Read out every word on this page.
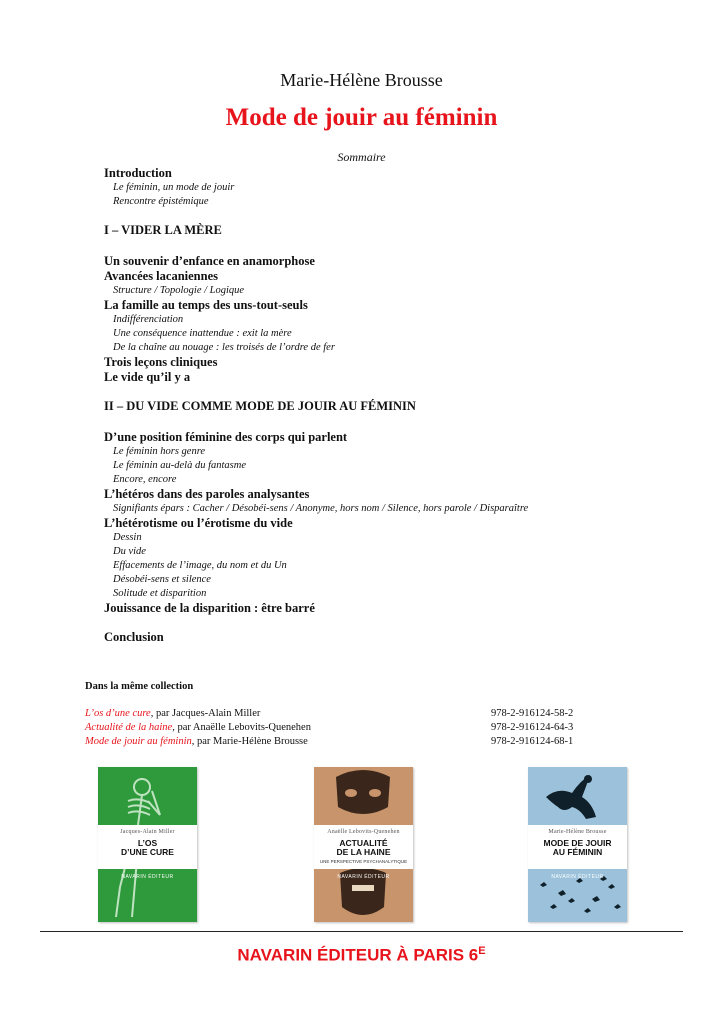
Marie-Hélène Brousse
Mode de jouir au féminin
Sommaire
Introduction
Le féminin, un mode de jouir
Rencontre épistémique
I – VIDER LA MÈRE
Un souvenir d’enfance en anamorphose
Avancées lacaniennes
Structure / Topologie / Logique
La famille au temps des uns-tout-seuls
Indifférenciation
Une conséquence inattendue : exit la mère
De la chaîne au nouage : les troisés de l’ordre de fer
Trois leçons cliniques
Le vide qu’il y a
II – DU VIDE COMME MODE DE JOUIR AU FÉMININ
D’une position féminine des corps qui parlent
Le féminin hors genre
Le féminin au-delà du fantasme
Encore, encore
L’hétéros dans des paroles analysantes
Signifiants épars : Cacher / Désobéi-sens / Anonyme, hors nom / Silence, hors parole / Disparaître
L’hétérotisme ou l’érotisme du vide
Dessin
Du vide
Effacements de l’image, du nom et du Un
Désobéi-sens et silence
Solitude et disparition
Jouissance de la disparition : être barré
Conclusion
Dans la même collection
L’os d’une cure, par Jacques-Alain Miller	978-2-916124-58-2
Actualité de la haine, par Anaëlle Lebovits-Quenehen	978-2-916124-64-3
Mode de jouir au féminin, par Marie-Hélène Brousse	978-2-916124-68-1
Jacques-Alain Miller
L’OS
D’UNE CURE
NAVARIN ÉDITEUR
Anaëlle Lebovits-Quenehen
ACTUALITÉ
DE LA HAINE
UNE PERSPECTIVE PSYCHANALYTIQUE
NAVARIN ÉDITEUR
Marie-Hélène Brousse
MODE DE JOUIR
AU FÉMININ
NAVARIN ÉDITEUR
NAVARIN ÉDITEUR À PARIS $6^E$
